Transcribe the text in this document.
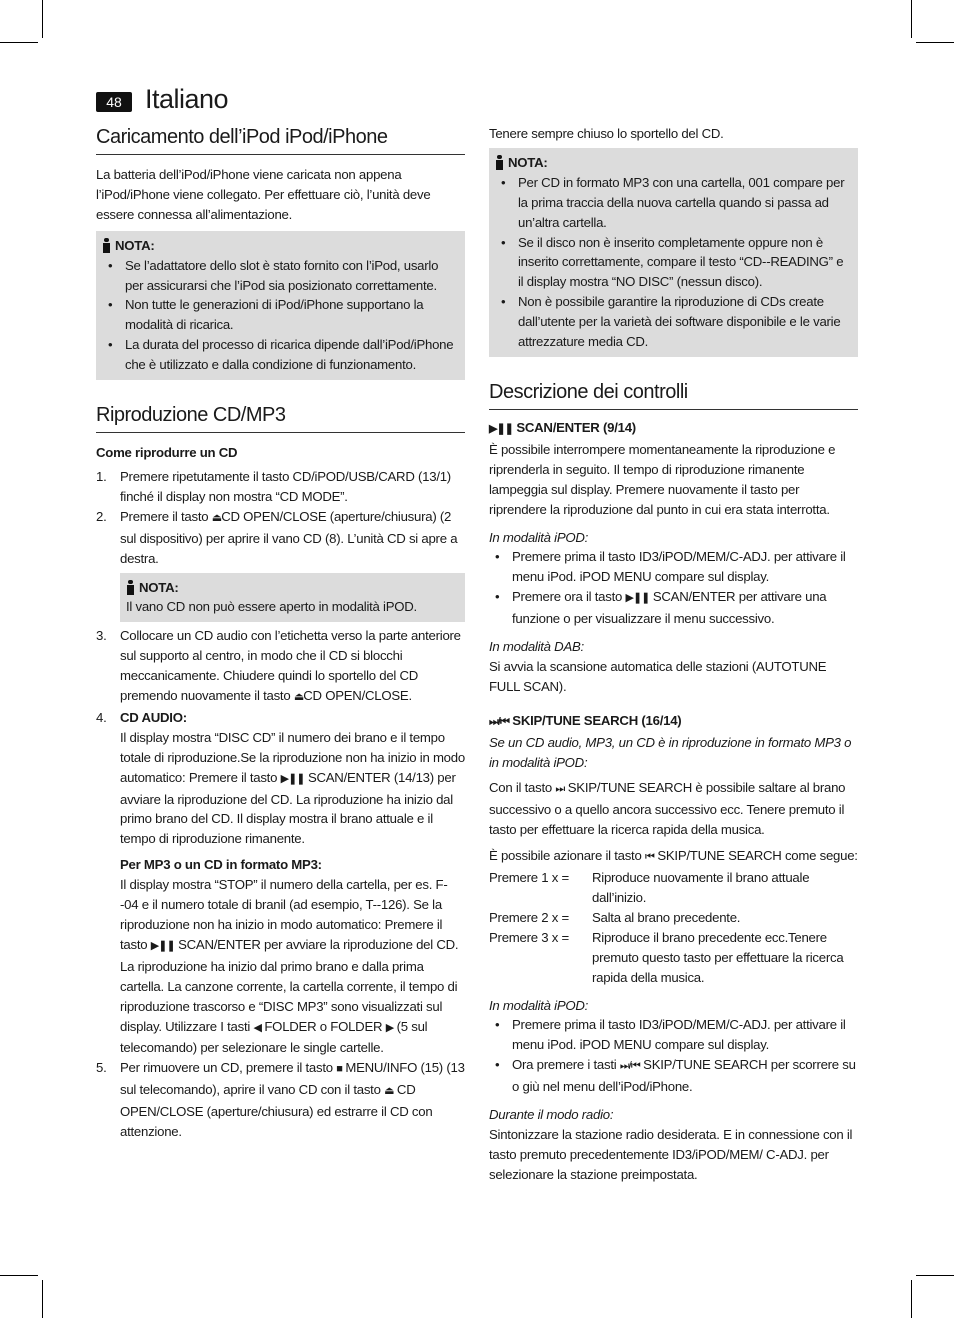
48 Italiano
Caricamento dell’iPod iPod/iPhone

La batteria dell’iPod/iPhone viene caricata non appena l’iPod/iPhone viene collegato. Per effettuare ciò, l’unità deve essere connessa all’alimentazione.

NOTA:
• Se l’adattatore dello slot è stato fornito con l’iPod, usarlo per assicurarsi che l’iPod sia posizionato correttamente.
• Non tutte le generazioni di iPod/iPhone supportano la modalità di ricarica.
• La durata del processo di ricarica dipende dall’iPod/iPhone che è utilizzato e dalla condizione di funzionamento.
Riproduzione CD/MP3

Come riprodurre un CD

1. Premere ripetutamente il tasto CD/iPOD/USB/CARD (13/1) finché il display non mostra “CD MODE”.
2. Premere il tasto ⏏CD OPEN/CLOSE (aperture/chiusura) (2 sul dispositivo) per aprire il vano CD (8). L’unità CD si apre a destra.
NOTA:

Il vano CD non può essere aperto in modalità iPOD.

3. Collocare un CD audio con l’etichetta verso la parte anteriore sul supporto al centro, in modo che il CD si blocchi meccanicamente. Chiudere quindi lo sportello del CD premendo nuovamente il tasto ⏏CD OPEN/CLOSE.
4. CD AUDIO:
Il display mostra “DISC CD” il numero dei brano e il tempo totale di riproduzione.Se la riproduzione non ha inizio in modo automatico: Premere il tasto ▶❚❚ SCAN/ENTER (14/13) per avviare la riproduzione del CD. La riproduzione ha inizio dal primo brano del CD. Il display mostra il brano attuale e il tempo di riproduzione rimanente.
Per MP3 o un CD in formato MP3:
Il display mostra “STOP” il numero della cartella, per es. F--04 e il numero totale di branil (ad esempio, T--126). Se la riproduzione non ha inizio in modo automatico: Premere il tasto ▶❚❚ SCAN/ENTER per avviare la riproduzione del CD. La riproduzione ha inizio dal primo brano e dalla prima cartella. La canzone corrente, la cartella corrente, il tempo di riproduzione trascorso e “DISC MP3” sono visualizzati sul display. Utilizzare I tasti ◀ FOLDER o FOLDER ▶ (5 sul telecomando) per selezionare le single cartelle.
5. Per rimuovere un CD, premere il tasto ■ MENU/INFO (15) (13 sul telecomando), aprire il vano CD con il tasto ⏏ CD OPEN/CLOSE (aperture/chiusura) ed estrarre il CD con attenzione.

Tenere sempre chiuso lo sportello del CD.

NOTA:
• Per CD in formato MP3 con una cartella, 001 compare per la prima traccia della nuova cartella quando si passa ad un’altra cartella.
• Se il disco non è inserito completamente oppure non è inserito correttamente, compare il testo “CD--READING” e il display mostra “NO DISC” (nessun disco).
• Non è possibile garantire la riproduzione di CDs create dall’utente per la varietà dei software disponibile e le varie attrezzature media CD.
Descrizione dei controlli

▶❚❚ SCAN/ENTER (9/14)

È possibile interrompere momentaneamente la riproduzione e riprenderla in seguito. Il tempo di riproduzione rimanente lampeggia sul display. Premere nuovamente il tasto per riprendere la riproduzione dal punto in cui era stata interrotta.

In modalità iPOD:

• Premere prima il tasto ID3/iPOD/MEM/C-ADJ. per attivare il menu iPod. iPOD MENU compare sul display.
• Premere ora il tasto ▶❚❚ SCAN/ENTER per attivare una funzione o per visualizzare il menu successivo.

In modalità DAB:

Si avvia la scansione automatica delle stazioni (AUTOTUNE FULL SCAN).

⏭/⏮ SKIP/TUNE SEARCH (16/14)

Se un CD audio, MP3, un CD è in riproduzione in formato MP3 o in modalità iPOD:

Con il tasto ⏭ SKIP/TUNE SEARCH è possibile saltare al brano successivo o a quello ancora successivo ecc. Tenere premuto il tasto per effettuare la ricerca rapida della musica.

È possibile azionare il tasto ⏮ SKIP/TUNE SEARCH come segue:

Premere 1 x =	Riproduce nuovamente il brano attuale dall’inizio.
Premere 2 x =	Salta al brano precedente.
Premere 3 x =	Riproduce il brano precedente ecc.Tenere premuto questo tasto per effettuare la ricerca rapida della musica.

In modalità iPOD:

• Premere prima il tasto ID3/iPOD/MEM/C-ADJ. per attivare il menu iPod. iPOD MENU compare sul display.
• Ora premere i tasti ⏭/⏮ SKIP/TUNE SEARCH per scorrere su o giù nel menu dell’iPod/iPhone.

Durante il modo radio:

Sintonizzare la stazione radio desiderata. E in connessione con il tasto premuto precedentemente ID3/iPOD/MEM/ C-ADJ. per selezionare la stazione preimpostata.
